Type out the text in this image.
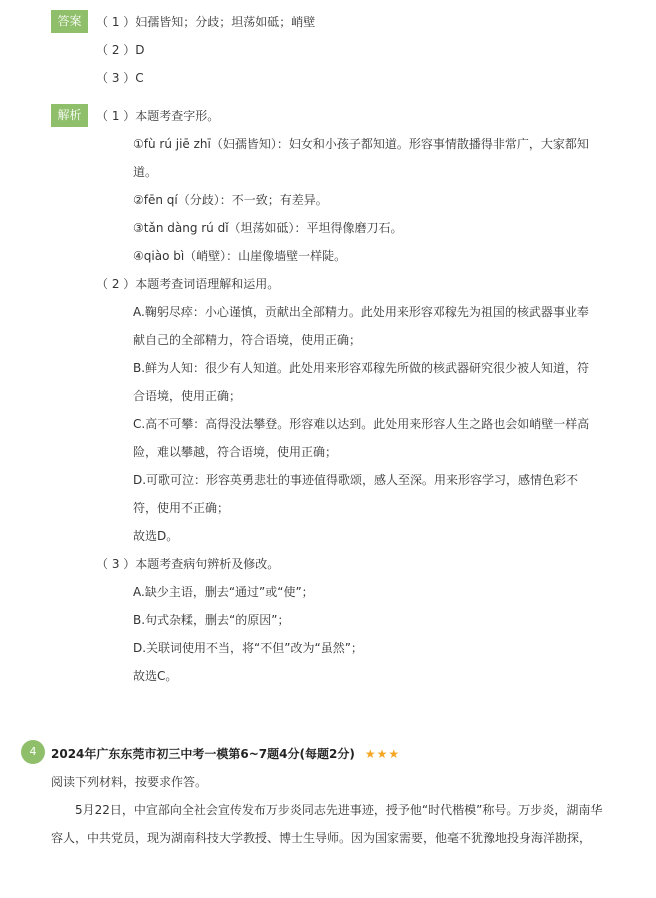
答案	（ 1 ）妇孺皆知；分歧；坦荡如砥；峭壁
（ 2 ）D
（ 3 ）C
解析	（ 1 ）本题考查字形。
①fù rú jiē zhī（妇孺皆知）：妇女和小孩子都知道。形容事情散播得非常广，大家都知
道。
②fēn qí（分歧）：不一致；有差异。
③tǎn dàng rú dǐ（坦荡如砥）：平坦得像磨刀石。
④qiào bì（峭壁）：山崖像墙壁一样陡。
（ 2 ）本题考查词语理解和运用。
A.鞠躬尽瘁：小心谨慎，贡献出全部精力。此处用来形容邓稼先为祖国的核武器事业奉
献自己的全部精力，符合语境，使用正确；
B.鲜为人知：很少有人知道。此处用来形容邓稼先所做的核武器研究很少被人知道，符
合语境，使用正确；
C.高不可攀：高得没法攀登。形容难以达到。此处用来形容人生之路也会如峭壁一样高
险，难以攀越，符合语境，使用正确；
D.可歌可泣：形容英勇悲壮的事迹值得歌颂，感人至深。用来形容学习，感情色彩不
符，使用不正确；
故选D。
（ 3 ）本题考查病句辨析及修改。
A.缺少主语，删去“通过”或“使”；
B.句式杂糅，删去“的原因”；
D.关联词使用不当，将“不但”改为“虽然”；
故选C。
4	2024年广东东莞市初三中考一模第6~7题4分(每题2分) ★★★
阅读下列材料，按要求作答。
5月22日，中宣部向全社会宣传发布万步炎同志先进事迹，授予他“时代楷模”称号。万步炎，湖南华
容人，中共党员，现为湖南科技大学教授、博士生导师。因为国家需要，他毫不犹豫地投身海洋勘探，
